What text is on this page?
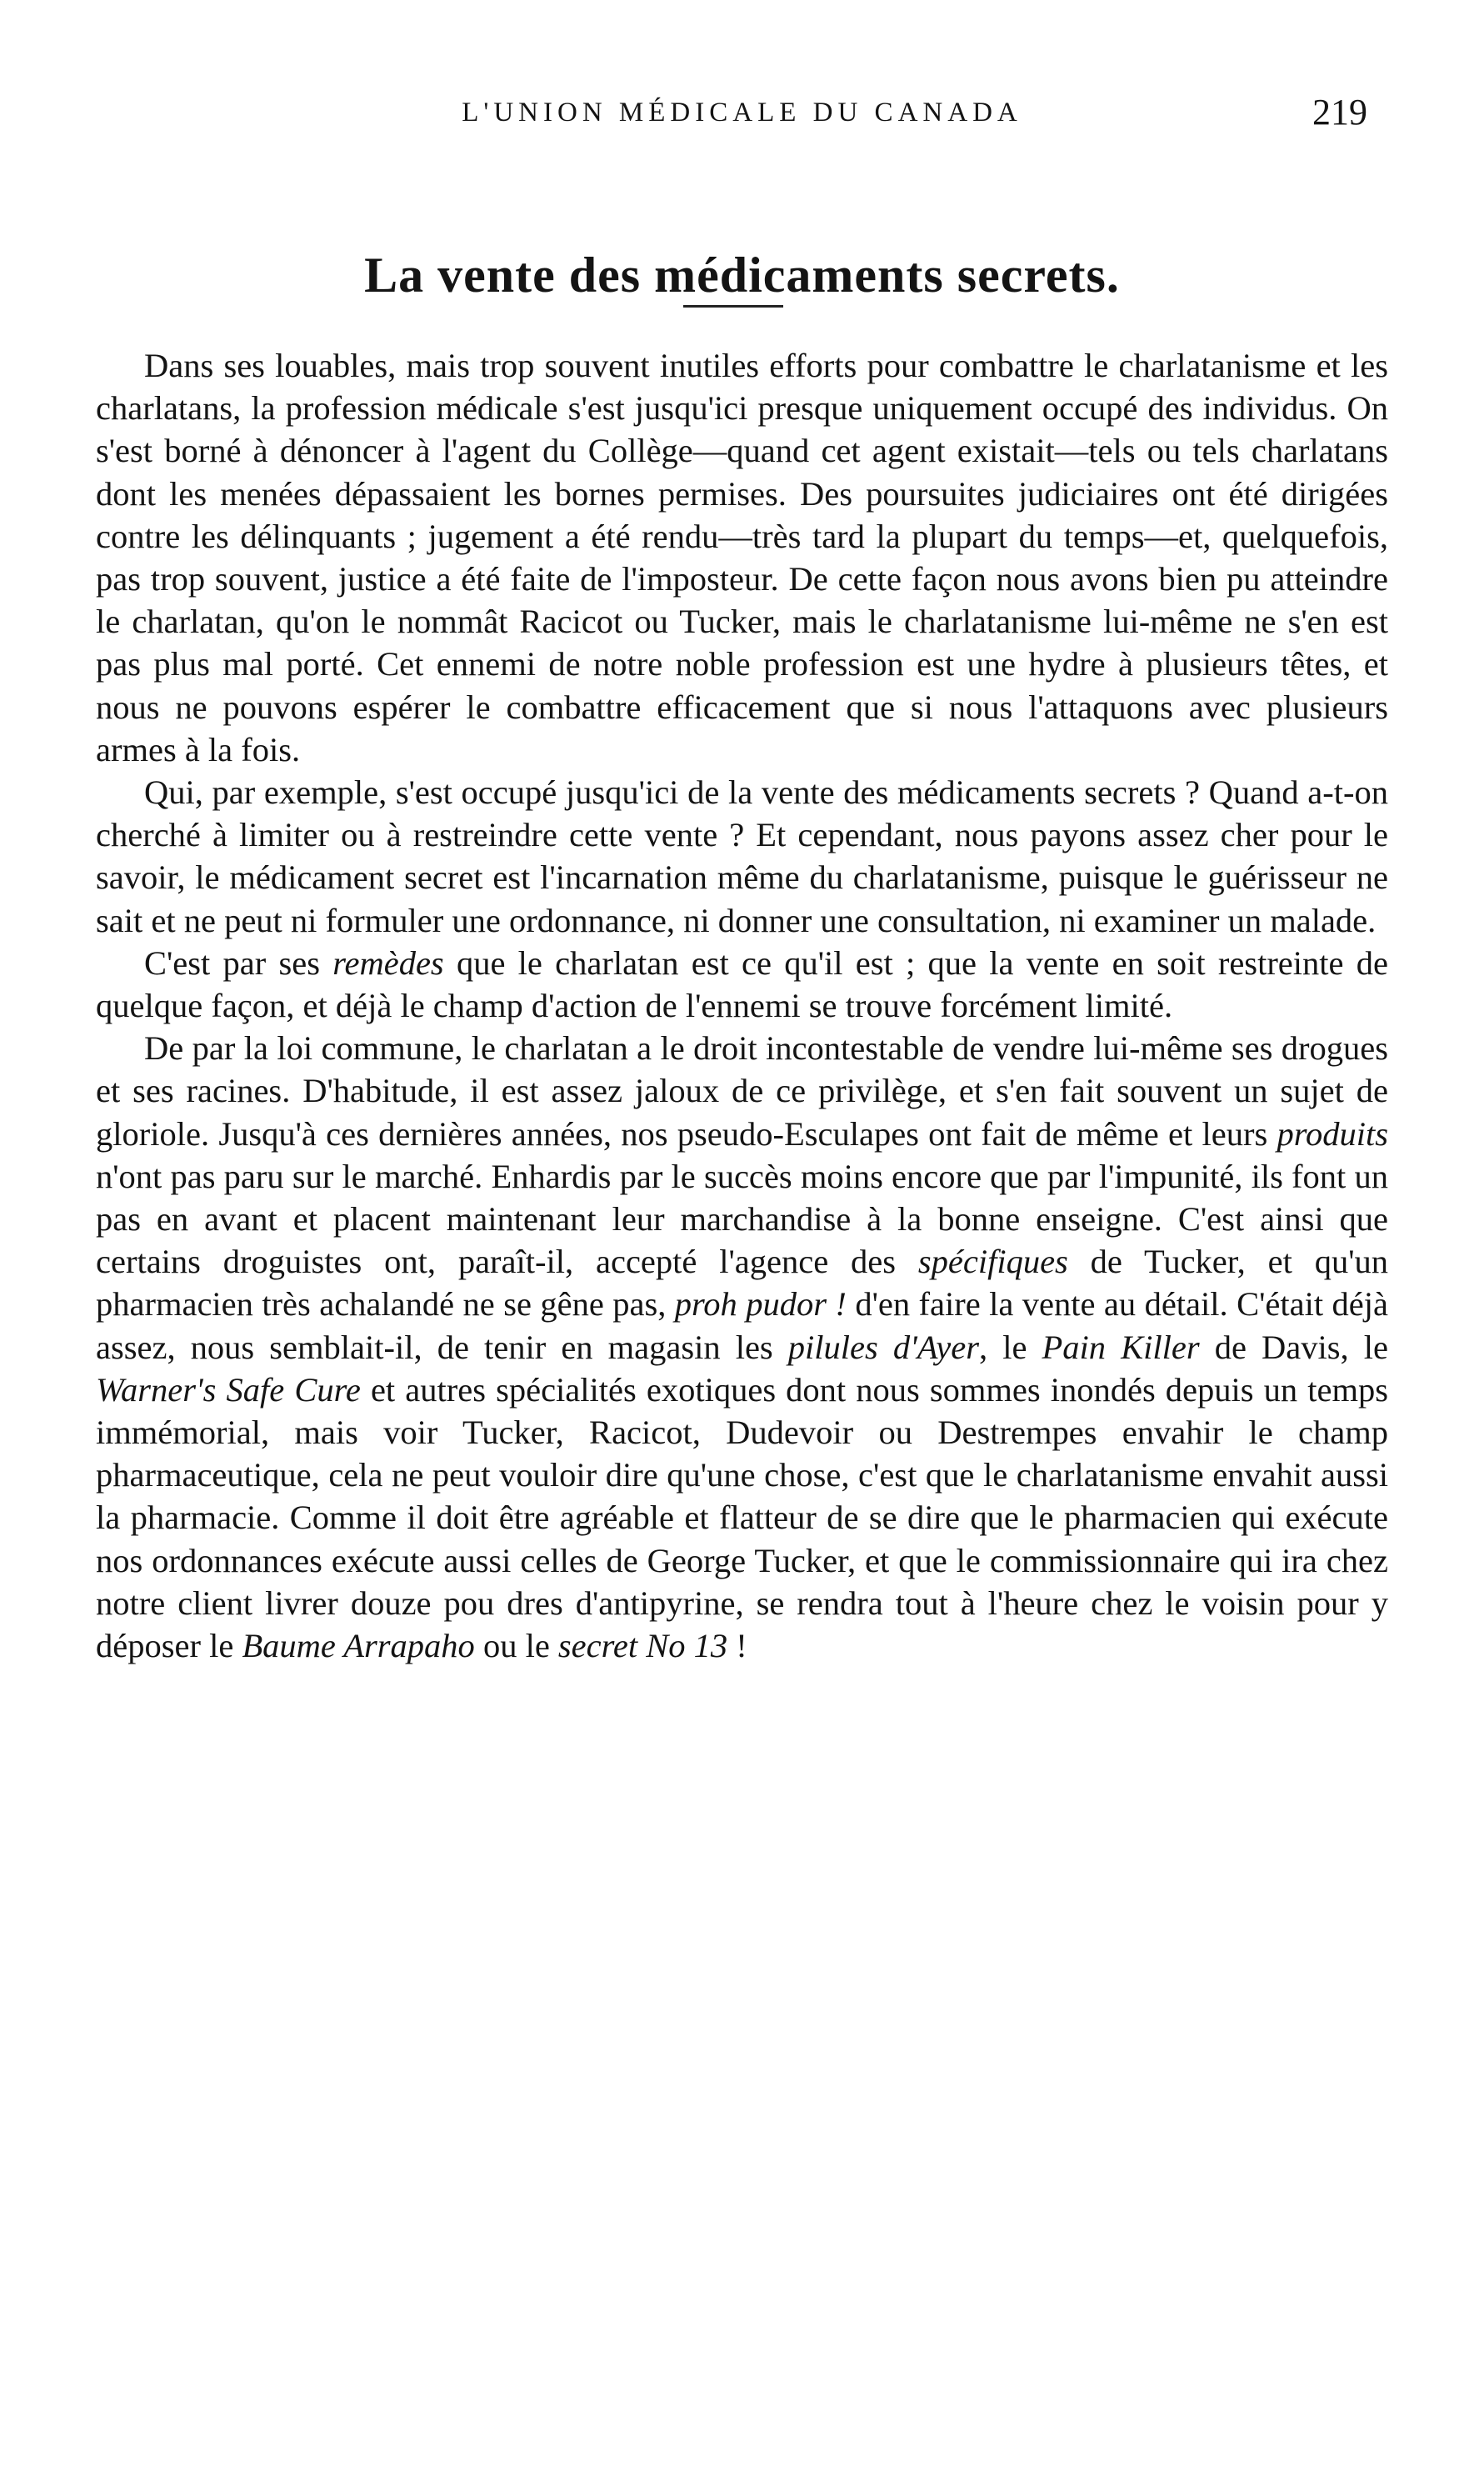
L'UNION MÉDICALE DU CANADA	219
La vente des médicaments secrets.

Dans ses louables, mais trop souvent inutiles efforts pour combattre le charlatanisme et les charlatans, la profession médicale s'est jusqu'ici presque uniquement occupé des individus. On s'est borné à dénoncer à l'agent du Collège—quand cet agent existait—tels ou tels charlatans dont les menées dépassaient les bornes permises. Des poursuites judiciaires ont été dirigées contre les délinquants ; jugement a été rendu—très tard la plupart du temps—et, quelquefois, pas trop souvent, justice a été faite de l'imposteur. De cette façon nous avons bien pu atteindre le charlatan, qu'on le nommât Racicot ou Tucker, mais le charlatanisme lui-même ne s'en est pas plus mal porté. Cet ennemi de notre noble profession est une hydre à plusieurs têtes, et nous ne pouvons espérer le combattre efficacement que si nous l'attaquons avec plusieurs armes à la fois.

Qui, par exemple, s'est occupé jusqu'ici de la vente des médicaments secrets ? Quand a-t-on cherché à limiter ou à restreindre cette vente ? Et cependant, nous payons assez cher pour le savoir, le médicament secret est l'incarnation même du charlatanisme, puisque le guérisseur ne sait et ne peut ni formuler une ordonnance, ni donner une consultation, ni examiner un malade.

C'est par ses remèdes que le charlatan est ce qu'il est ; que la vente en soit restreinte de quelque façon, et déjà le champ d'action de l'ennemi se trouve forcément limité.

De par la loi commune, le charlatan a le droit incontestable de vendre lui-même ses drogues et ses racines. D'habitude, il est assez jaloux de ce privilège, et s'en fait souvent un sujet de gloriole. Jusqu'à ces dernières années, nos pseudo-Esculapes ont fait de même et leurs produits n'ont pas paru sur le marché. Enhardis par le succès moins encore que par l'impunité, ils font un pas en avant et placent maintenant leur marchandise à la bonne enseigne. C'est ainsi que certains droguistes ont, paraît-il, accepté l'agence des spécifiques de Tucker, et qu'un pharmacien très achalandé ne se gêne pas, proh pudor ! d'en faire la vente au détail. C'était déjà assez, nous semblait-il, de tenir en magasin les pilules d'Ayer, le Pain Killer de Davis, le Warner's Safe Cure et autres spécialités exotiques dont nous sommes inondés depuis un temps immémorial, mais voir Tucker, Racicot, Dudevoir ou Destrempes envahir le champ pharmaceutique, cela ne peut vouloir dire qu'une chose, c'est que le charlatanisme envahit aussi la pharmacie. Comme il doit être agréable et flatteur de se dire que le pharmacien qui exécute nos ordonnances exécute aussi celles de George Tucker, et que le commissionnaire qui ira chez notre client livrer douze pou dres d'antipyrine, se rendra tout à l'heure chez le voisin pour y déposer le Baume Arrapaho ou le secret No 13 !
